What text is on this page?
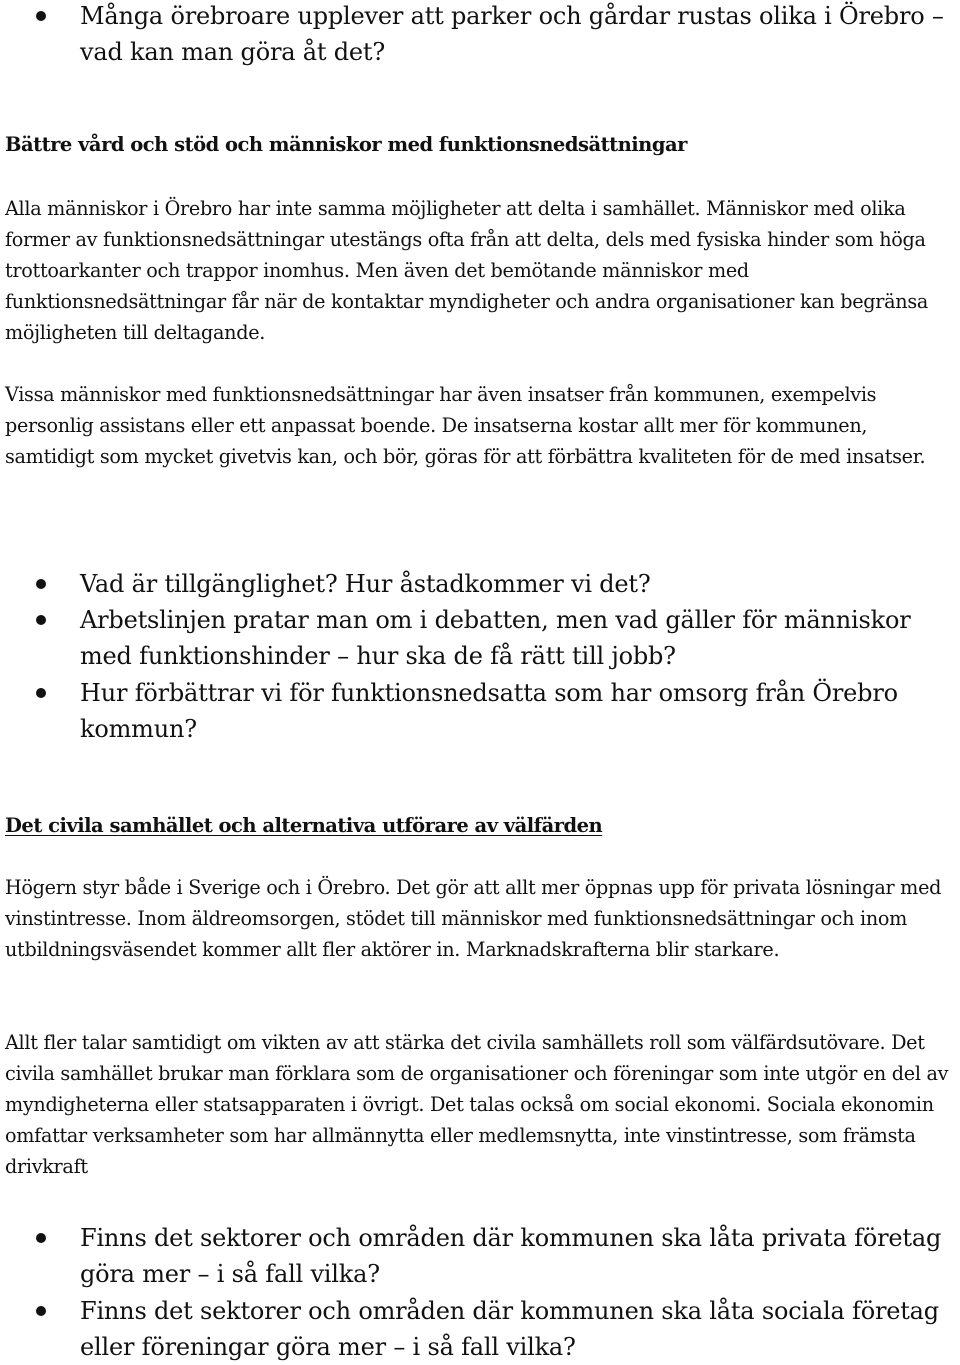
Många örebroare upplever att parker och gårdar rustas olika i Örebro – vad kan man göra åt det?
Bättre vård och stöd och människor med funktionsnedsättningar
Alla människor i Örebro har inte samma möjligheter att delta i samhället. Människor med olika former av funktionsnedsättningar utestängs ofta från att delta, dels med fysiska hinder som höga trottoarkanter och trappor inomhus. Men även det bemötande människor med funktionsnedsättningar får när de kontaktar myndigheter och andra organisationer kan begränsa möjligheten till deltagande.
Vissa människor med funktionsnedsättningar har även insatser från kommunen, exempelvis personlig assistans eller ett anpassat boende. De insatserna kostar allt mer för kommunen, samtidigt som mycket givetvis kan, och bör, göras för att förbättra kvaliteten för de med insatser.
Vad är tillgänglighet? Hur åstadkommer vi det?
Arbetslinjen pratar man om i debatten, men vad gäller för människor med funktionshinder – hur ska de få rätt till jobb?
Hur förbättrar vi för funktionsnedsatta som har omsorg från Örebro kommun?
Det civila samhället och alternativa utförare av välfärden
Högern styr både i Sverige och i Örebro. Det gör att allt mer öppnas upp för privata lösningar med vinstintresse. Inom äldreomsorgen, stödet till människor med funktionsnedsättningar och inom utbildningsväsendet kommer allt fler aktörer in. Marknadskrafterna blir starkare.
Allt fler talar samtidigt om vikten av att stärka det civila samhällets roll som välfärdsutövare. Det civila samhället brukar man förklara som de organisationer och föreningar som inte utgör en del av myndigheterna eller statsapparaten i övrigt. Det talas också om social ekonomi. Sociala ekonomin omfattar verksamheter som har allmännytta eller medlemsnytta, inte vinstintresse, som främsta drivkraft
Finns det sektorer och områden där kommunen ska låta privata företag göra mer – i så fall vilka?
Finns det sektorer och områden där kommunen ska låta sociala företag eller föreningar göra mer – i så fall vilka?
